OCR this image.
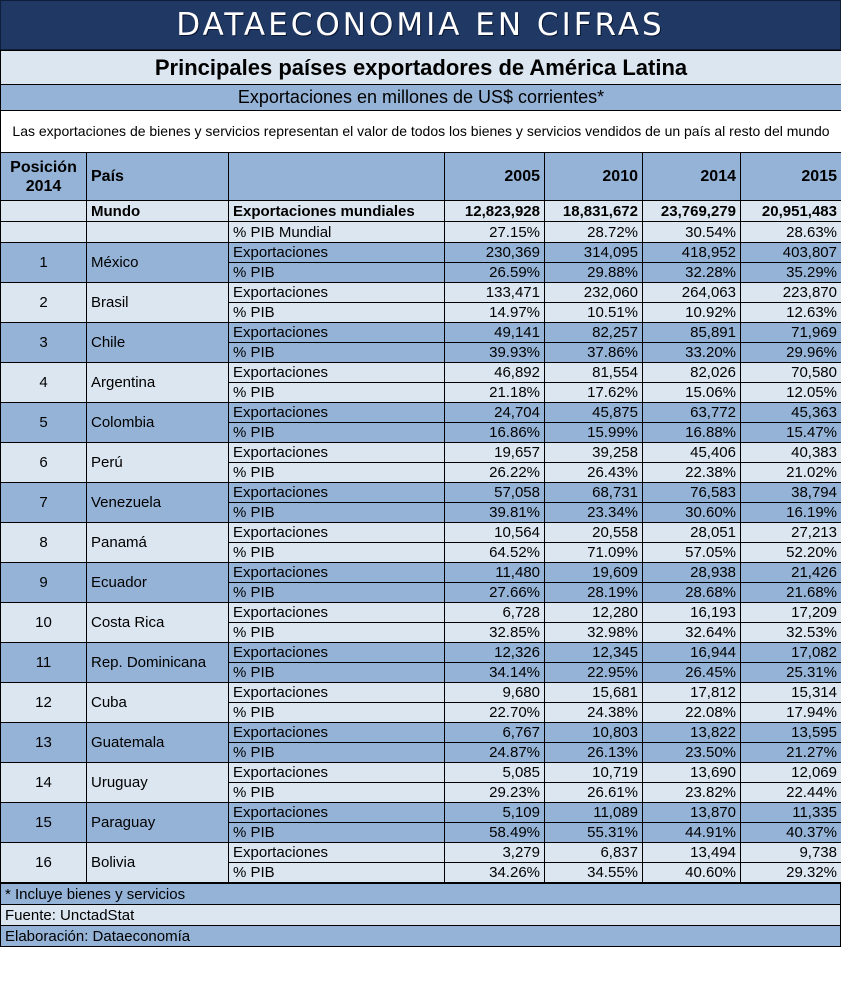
DATAECONOMIA EN CIFRAS
Principales países exportadores de América Latina						
Exportaciones en millones de US$ corrientes*						
Las exportaciones de bienes y servicios representan el valor de todos los bienes y servicios vendidos de un país al resto del mundo						
Posición 2014	País		2005	2010	2014	2015
	Mundo	Exportaciones mundiales	12,823,928	18,831,672	23,769,279	20,951,483
		% PIB Mundial	27.15%	28.72%	30.54%	28.63%
1	México	Exportaciones	230,369	314,095	418,952	403,807
		% PIB	26.59%	29.88%	32.28%	35.29%
2	Brasil	Exportaciones	133,471	232,060	264,063	223,870
		% PIB	14.97%	10.51%	10.92%	12.63%
3	Chile	Exportaciones	49,141	82,257	85,891	71,969
		% PIB	39.93%	37.86%	33.20%	29.96%
4	Argentina	Exportaciones	46,892	81,554	82,026	70,580
		% PIB	21.18%	17.62%	15.06%	12.05%
5	Colombia	Exportaciones	24,704	45,875	63,772	45,363
		% PIB	16.86%	15.99%	16.88%	15.47%
6	Perú	Exportaciones	19,657	39,258	45,406	40,383
		% PIB	26.22%	26.43%	22.38%	21.02%
7	Venezuela	Exportaciones	57,058	68,731	76,583	38,794
		% PIB	39.81%	23.34%	30.60%	16.19%
8	Panamá	Exportaciones	10,564	20,558	28,051	27,213
		% PIB	64.52%	71.09%	57.05%	52.20%
9	Ecuador	Exportaciones	11,480	19,609	28,938	21,426
		% PIB	27.66%	28.19%	28.68%	21.68%
10	Costa Rica	Exportaciones	6,728	12,280	16,193	17,209
		% PIB	32.85%	32.98%	32.64%	32.53%
11	Rep. Dominicana	Exportaciones	12,326	12,345	16,944	17,082
		% PIB	34.14%	22.95%	26.45%	25.31%
12	Cuba	Exportaciones	9,680	15,681	17,812	15,314
		% PIB	22.70%	24.38%	22.08%	17.94%
13	Guatemala	Exportaciones	6,767	10,803	13,822	13,595
		% PIB	24.87%	26.13%	23.50%	21.27%
14	Uruguay	Exportaciones	5,085	10,719	13,690	12,069
		% PIB	29.23%	26.61%	23.82%	22.44%
15	Paraguay	Exportaciones	5,109	11,089	13,870	11,335
		% PIB	58.49%	55.31%	44.91%	40.37%
16	Bolivia	Exportaciones	3,279	6,837	13,494	9,738
		% PIB	34.26%	34.55%	40.60%	29.32%
* Incluye bienes y servicios
Fuente: UnctadStat
Elaboración: Dataeconomía
